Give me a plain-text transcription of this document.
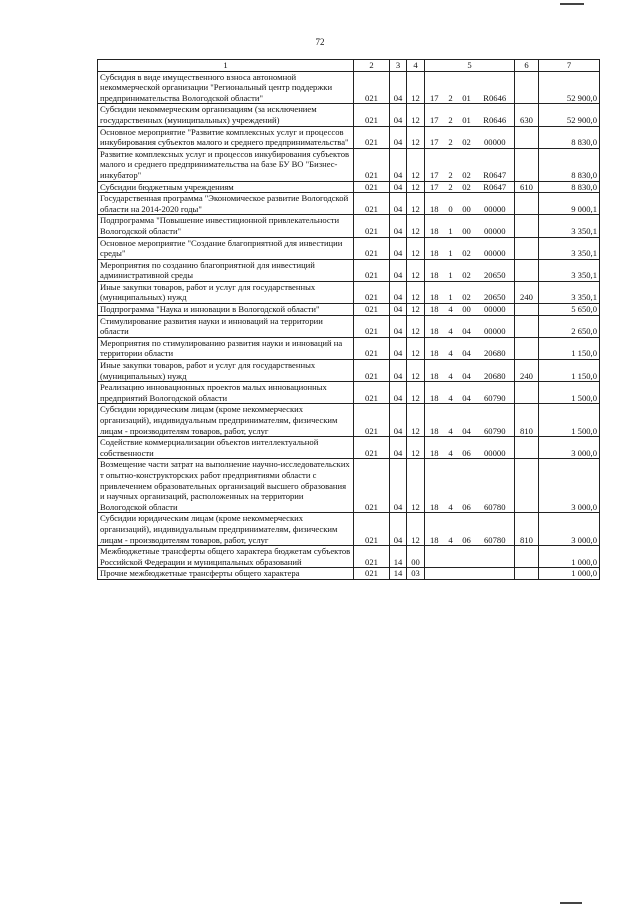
72
1	2	3	4	5				6	7
Субсидия в виде имущественного взноса автономной некоммерческой организации "Региональный центр поддержки предпринимательства Вологодской области"	021	04	12	17	2	01	R0646		52 900,0
Субсидии некоммерческим организациям (за исключением государственных (муниципальных) учреждений)	021	04	12	17	2	01	R0646	630	52 900,0
Основное мероприятие "Развитие комплексных услуг и процессов инкубирования субъектов малого и среднего предпринимательства"	021	04	12	17	2	02	00000		8 830,0
Развитие комплексных услуг и процессов инкубирования субъектов малого и среднего предпринимательства на базе БУ ВО "Бизнес-инкубатор"	021	04	12	17	2	02	R0647		8 830,0
Субсидии бюджетным учреждениям	021	04	12	17	2	02	R0647	610	8 830,0
Государственная программа "Экономическое развитие Вологодской области на 2014-2020 годы"	021	04	12	18	0	00	00000		9 000,1
Подпрограмма "Повышение инвестиционной привлекательности Вологодской области"	021	04	12	18	1	00	00000		3 350,1
Основное мероприятие "Создание благоприятной для инвестиции среды"	021	04	12	18	1	02	00000		3 350,1
Мероприятия по созданию благоприятной для инвестиций административной среды	021	04	12	18	1	02	20650		3 350,1
Иные закупки товаров, работ и услуг для государственных (муниципальных) нужд	021	04	12	18	1	02	20650	240	3 350,1
Подпрограмма "Наука и инновации в Вологодской области"	021	04	12	18	4	00	00000		5 650,0
Стимулирование развития науки и инноваций на территории области	021	04	12	18	4	04	00000		2 650,0
Мероприятия по стимулированию развития науки и инноваций на территории области	021	04	12	18	4	04	20680		1 150,0
Иные закупки товаров, работ и услуг для государственных (муниципальных) нужд	021	04	12	18	4	04	20680	240	1 150,0
Реализацию инновационных проектов малых инновационных предприятий Вологодской области	021	04	12	18	4	04	60790		1 500,0
Субсидии юридическим лицам (кроме некоммерческих организаций), индивидуальным предпринимателям, физическим лицам - производителям товаров, работ, услуг	021	04	12	18	4	04	60790	810	1 500,0
Содействие коммерциализации объектов интеллектуальной собственности	021	04	12	18	4	06	00000		3 000,0
Возмещение части затрат на выполнение научно-исследовательских т опытно-конструкторских работ предприятиями области с привлечением образовательных организаций высшего образования и научных организаций, расположенных на территории Вологодской области	021	04	12	18	4	06	60780		3 000,0
Субсидии юридическим лицам (кроме некоммерческих организаций), индивидуальным предпринимателям, физическим лицам - производителям товаров, работ, услуг	021	04	12	18	4	06	60780	810	3 000,0
Межбюджетные трансферты общего характера бюджетам субъектов Российской Федерации и муниципальных образований	021	14	00						1 000,0
Прочие межбюджетные трансферты общего характера	021	14	03						1 000,0
